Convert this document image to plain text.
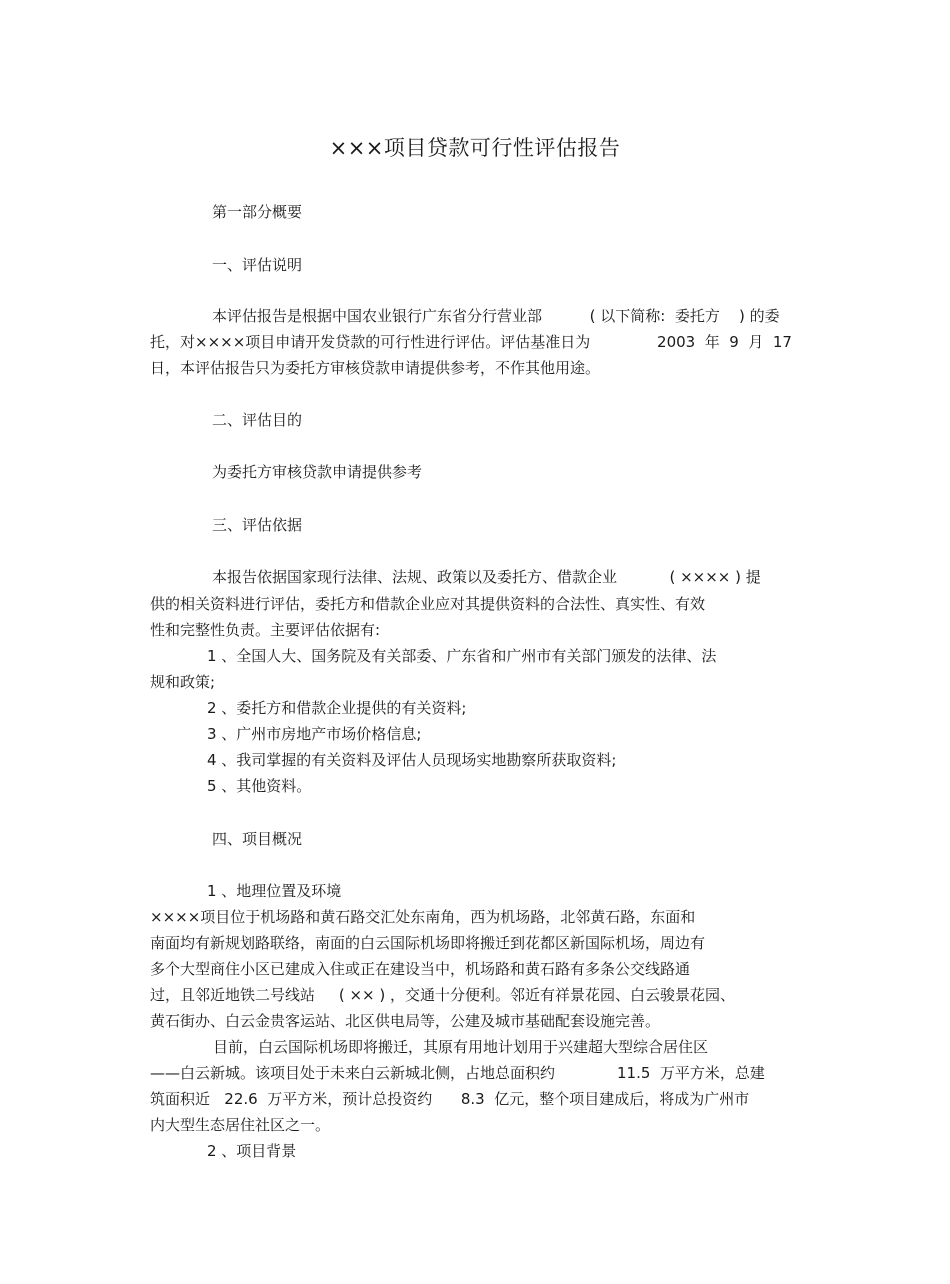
×××项目贷款可行性评估报告
第一部分概要
一、评估说明
本评估报告是根据中国农业银行广东省分行营业部          ( 以下简称:  委托方    ) 的委
托，对××××项目申请开发贷款的可行性进行评估。评估基准日为              2003  年  9  月  17
日，本评估报告只为委托方审核贷款申请提供参考，不作其他用途。
二、评估目的
为委托方审核贷款申请提供参考
三、评估依据
本报告依据国家现行法律、法规、政策以及委托方、借款企业           ( ×××× ) 提
供的相关资料进行评估，委托方和借款企业应对其提供资料的合法性、真实性、有效
性和完整性负责。主要评估依据有:
1 、全国人大、国务院及有关部委、广东省和广州市有关部门颁发的法律、法
规和政策;
2 、委托方和借款企业提供的有关资料;
3 、广州市房地产市场价格信息;
4 、我司掌握的有关资料及评估人员现场实地勘察所获取资料;
5 、其他资料。
四、项目概况
1 、地理位置及环境
××××项目位于机场路和黄石路交汇处东南角，西为机场路，北邻黄石路，东面和
南面均有新规划路联络，南面的白云国际机场即将搬迁到花都区新国际机场，周边有
多个大型商住小区已建成入住或正在建设当中，机场路和黄石路有多条公交线路通
过，且邻近地铁二号线站     ( ×× ) ，交通十分便利。邻近有祥景花园、白云骏景花园、
黄石街办、白云金贵客运站、北区供电局等，公建及城市基础配套设施完善。
目前，白云国际机场即将搬迁，其原有用地计划用于兴建超大型综合居住区
——白云新城。该项目处于未来白云新城北侧，占地总面积约             11.5  万平方米，总建
筑面积近   22.6  万平方米，预计总投资约      8.3  亿元，整个项目建成后，将成为广州市
内大型生态居住社区之一。
2 、项目背景
